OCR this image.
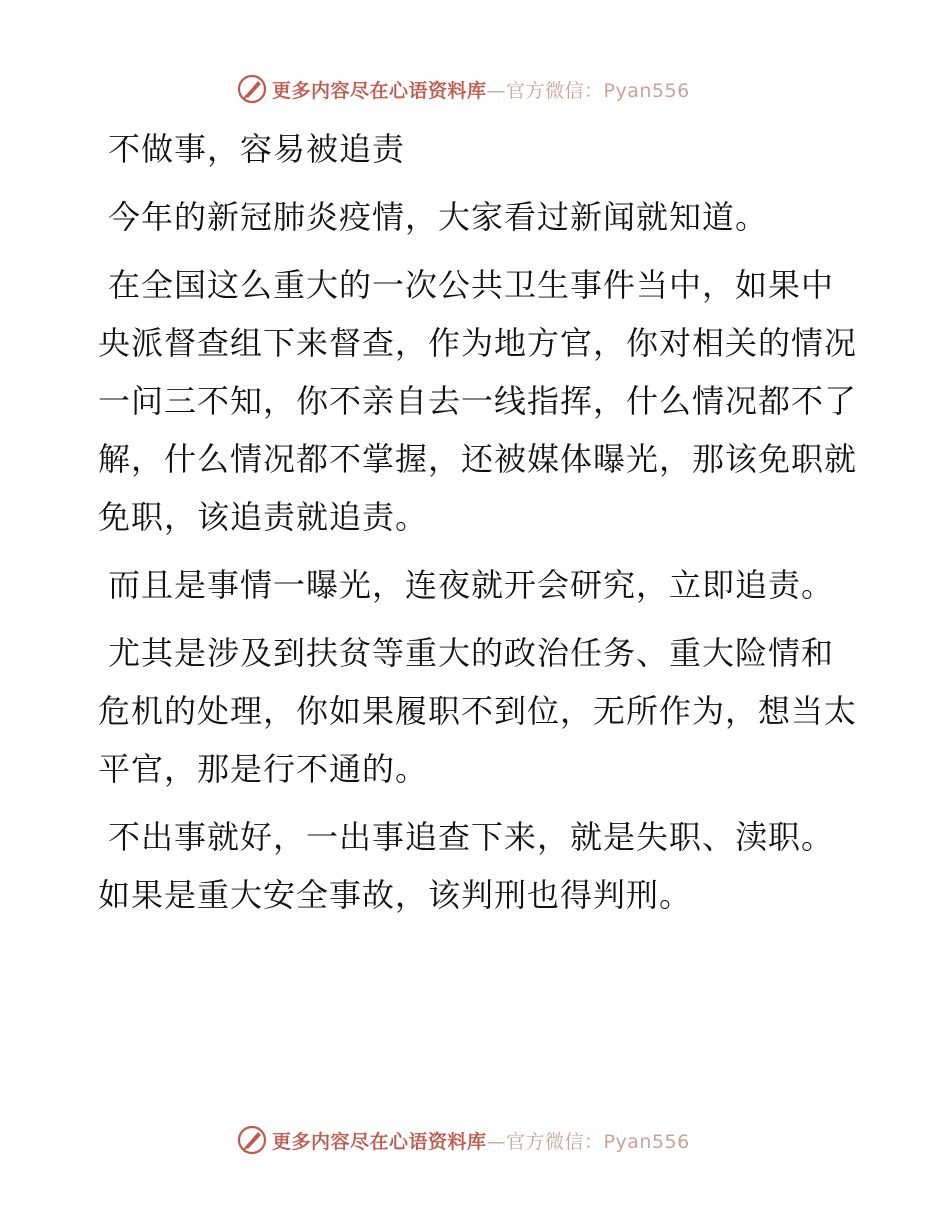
更多内容尽在心语资料库—官方微信：Pyan556

不做事，容易被追责

今年的新冠肺炎疫情，大家看过新闻就知道。

在全国这么重大的一次公共卫生事件当中，如果中央派督查组下来督查，作为地方官，你对相关的情况一问三不知，你不亲自去一线指挥，什么情况都不了解，什么情况都不掌握，还被媒体曝光，那该免职就免职，该追责就追责。

而且是事情一曝光，连夜就开会研究，立即追责。

尤其是涉及到扶贫等重大的政治任务、重大险情和危机的处理，你如果履职不到位，无所作为，想当太平官，那是行不通的。

不出事就好，一出事追查下来，就是失职、渎职。如果是重大安全事故，该判刑也得判刑。

更多内容尽在心语资料库—官方微信：Pyan556
